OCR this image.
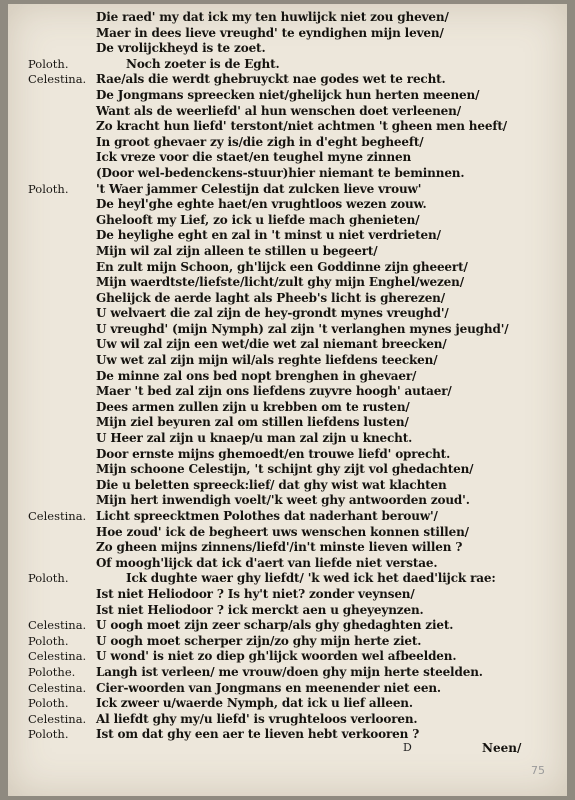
Die raed' my dat ick my ten huwlijck niet zou gheven/
Maer in dees lieve vreughd' te eyndighen mijn leven/
De vrolijckheyd is te zoet.
Poloth.	Noch zoeter is de Eght.
Celestina. Rae/als die werdt ghebruyckt nae godes wet te recht.
De Jongmans spreecken niet/ghelijck hun herten meenen/
Want als de weerliefd' al hun wenschen doet verleenen/
Zo kracht hun liefd' terstont/niet achtmen 't gheen men heeft/
In groot ghevaer zy is/die zigh in d'eght begheeft/
Ick vreze voor die staet/en teughel myne zinnen
(Door wel-bedenckens-stuur)hier niemant te beminnen.
Poloth. 't Waer jammer Celestijn dat zulcken lieve vrouw'
De heyl'ghe eghte haet/en vrughtloos wezen zouw.
Ghelooft my Lief, zo ick u liefde mach ghenieten/
De heylighe eght en zal in 't minst u niet verdrieten/
Mijn wil zal zijn alleen te stillen u begeert/
En zult mijn Schoon, gh'lijck een Goddinne zijn gheeert/
Mijn waerdtste/liefste/licht/zult ghy mijn Enghel/wezen/
Ghelijck de aerde laght als Pheeb's licht is gherezen/
U welvaert die zal zijn de hey-grondt mynes vreughd'/
U vreughd' (mijn Nymph) zal zijn 't verlanghen mynes jeughd'/
Uw wil zal zijn een wet/die wet zal niemant breecken/
Uw wet zal zijn mijn wil/als reghte liefdens teecken/
De minne zal ons bed nopt brenghen in ghevaer/
Maer 't bed zal zijn ons liefdens zuyvre hoogh' autaer/
Dees armen zullen zijn u krebben om te rusten/
Mijn ziel beyuren zal om stillen liefdens lusten/
U Heer zal zijn u knaep/u man zal zijn u knecht.
Door ernste mijns ghemoedt/en trouwe liefd' oprecht.
Mijn schoone Celestijn, 't schijnt ghy zijt vol ghedachten/
Die u beletten spreeck:lief/ dat ghy wist wat klachten
Mijn hert inwendigh voelt/'k weet ghy antwoorden zoud'.
Celestina. Licht spreecktmen Polothes dat naderhant berouw'/
Hoe zoud' ick de begheert uws wenschen konnen stillen/
Zo gheen mijns zinnens/liefd'/in't minste lieven willen ?
Of moogh'lijck dat ick d'aert van liefde niet verstae.
Poloth.	Ick dughte waer ghy liefdt/ 'k wed ick het daed'lijck rae:
Ist niet Heliodoor ? Is hy't niet? zonder veynsen/
Ist niet Heliodoor ? ick merckt aen u gheyeynzen.
Celestina. U oogh moet zijn zeer scharp/als ghy ghedaghten ziet.
Poloth. U oogh moet scherper zijn/zo ghy mijn herte ziet.
Celestina. U wond' is niet zo diep gh'lijck woorden wel afbeelden.
Polothe. Langh ist verleen/ me vrouw/doen ghy mijn herte steelden.
Celestina. Cier-woorden van Jongmans en meenender niet een.
Poloth. Ick zweer u/waerde Nymph, dat ick u lief alleen.
Celestina. Al liefdt ghy my/u liefd' is vrughteloos verlooren.
Poloth. Ist om dat ghy een aer te lieven hebt verkooren ?
D	Neen/
75
